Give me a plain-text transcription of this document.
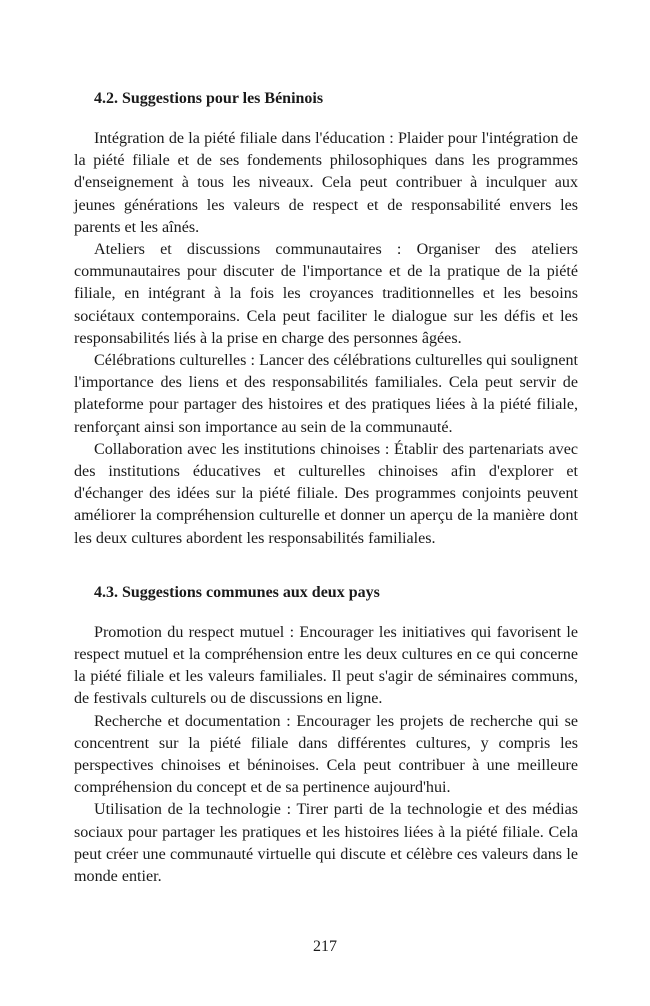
4.2. Suggestions pour les Béninois

Intégration de la piété filiale dans l'éducation : Plaider pour l'intégration de la piété filiale et de ses fondements philosophiques dans les programmes d'enseignement à tous les niveaux. Cela peut contribuer à inculquer aux jeunes générations les valeurs de respect et de responsabilité envers les parents et les aînés.

Ateliers et discussions communautaires : Organiser des ateliers communautaires pour discuter de l'importance et de la pratique de la piété filiale, en intégrant à la fois les croyances traditionnelles et les besoins sociétaux contemporains. Cela peut faciliter le dialogue sur les défis et les responsabilités liés à la prise en charge des personnes âgées.

Célébrations culturelles : Lancer des célébrations culturelles qui soulignent l'importance des liens et des responsabilités familiales. Cela peut servir de plateforme pour partager des histoires et des pratiques liées à la piété filiale, renforçant ainsi son importance au sein de la communauté.

Collaboration avec les institutions chinoises : Établir des partenariats avec des institutions éducatives et culturelles chinoises afin d'explorer et d'échanger des idées sur la piété filiale. Des programmes conjoints peuvent améliorer la compréhension culturelle et donner un aperçu de la manière dont les deux cultures abordent les responsabilités familiales.

4.3. Suggestions communes aux deux pays

Promotion du respect mutuel : Encourager les initiatives qui favorisent le respect mutuel et la compréhension entre les deux cultures en ce qui concerne la piété filiale et les valeurs familiales. Il peut s'agir de séminaires communs, de festivals culturels ou de discussions en ligne.

Recherche et documentation : Encourager les projets de recherche qui se concentrent sur la piété filiale dans différentes cultures, y compris les perspectives chinoises et béninoises. Cela peut contribuer à une meilleure compréhension du concept et de sa pertinence aujourd'hui.

Utilisation de la technologie : Tirer parti de la technologie et des médias sociaux pour partager les pratiques et les histoires liées à la piété filiale. Cela peut créer une communauté virtuelle qui discute et célèbre ces valeurs dans le monde entier.

217
